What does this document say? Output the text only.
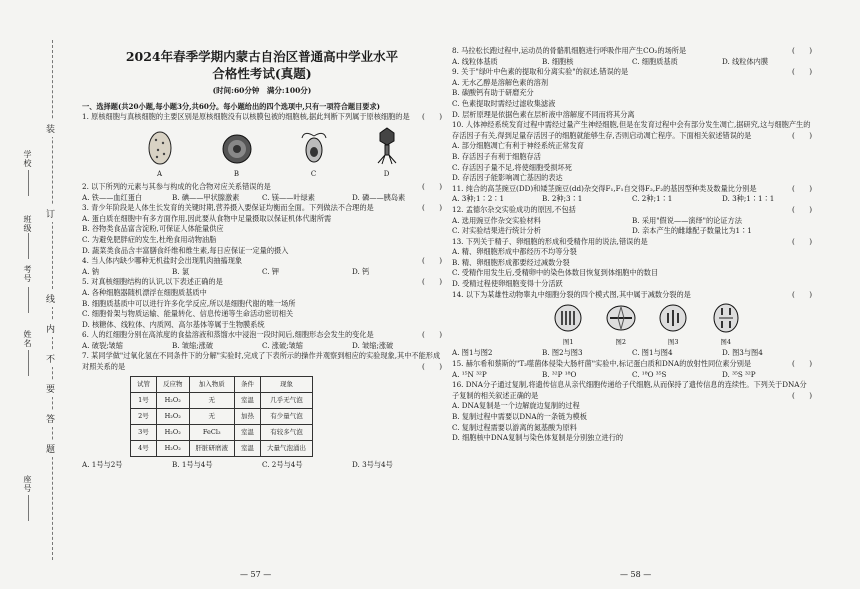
学校
班级
考号
姓名
座号
装
订
线
内
不
要
答
题
2024年春季学期内蒙古自治区普通高中学业水平
合格性考试(真题)
(时间:60分钟　满分:100分)
一、选择题(共20小题,每小题3分,共60分。每小题给出的四个选项中,只有一项符合题目要求)
1. 原核细胞与真核细胞的主要区别是原核细胞没有以核膜包被的细胞核,据此判断下列属于原核细胞的是 (　　)
A	B	C	D
2. 以下所列的元素与其参与构成的化合物对应关系错误的是	(　　)
A. 铁——血红蛋白	B. 碘——甲状腺激素	C. 镁——叶绿素	D. 磷——胰岛素
3. 青少年阶段是人体生长发育的关键时期,营养摄入要保证均衡而全面。下列做法不合理的是	(　　)
A. 蛋白质在细胞中有多方面作用,因此要从食物中足量摄取以保证机体代谢所需
B. 谷物类食品富含淀粉,可保证人体能量供应
C. 为避免肥胖症的发生,杜绝食用动物油脂
D. 蔬菜类食品含丰富膳食纤维和维生素,每日应保证一定量的摄入
4. 当人体内缺少哪种无机盐时会出现肌肉抽搐现象	(　　)
A. 钠	B. 氯	C. 钾	D. 钙
5. 对真核细胞结构的认识,以下表述正确的是	(　　)
A. 各种细胞器随机漂浮在细胞质基质中
B. 细胞质基质中可以进行许多化学反应,所以是细胞代谢的唯一场所
C. 细胞骨架与物质运输、能量转化、信息传递等生命活动密切相关
D. 核糖体、线粒体、内质网、高尔基体等属于生物膜系统
6. 人的红细胞分别在高浓度的食盐溶液和蒸馏水中浸泡一段时间后,细胞形态会发生的变化是	(　　)
A. 破裂;皱缩	B. 皱缩;涨破	C. 涨破;皱缩	D. 皱缩;涨破
7. 某同学做"过氧化氢在不同条件下的分解"实验时,完成了下表所示的操作并观察到相应的实验现象,其中不能形成对照关系的是	(　　)
试管	反应物	加入物质	条件	现象
1号	H₂O₂	无	室温	几乎无气泡
2号	H₂O₂	无	加热	有少量气泡
3号	H₂O₂	FeCl₃	室温	有较多气泡
4号	H₂O₂	肝脏研磨液	室温	大量气泡涌出
A. 1号与2号	B. 1号与4号	C. 2号与4号	D. 3号与4号
— 57 —
8. 马拉松长跑过程中,运动员的骨骼肌细胞进行呼吸作用产生CO₂的场所是	(　　)
A. 线粒体基质	B. 细胞核	C. 细胞质基质	D. 线粒体内膜
9. 关于"绿叶中色素的提取和分离实验"的叙述,错误的是	(　　)
A. 无水乙醇是溶解色素的溶剂
B. 碳酸钙有助于研磨充分
C. 色素提取时需经过滤收集滤液
D. 层析原理是依据色素在层析液中溶解度不同而将其分离
10. 人体神经系统发育过程中需经过量产生神经细胞,但是在发育过程中会有部分发生凋亡,据研究,这与细胞产生的存活因子有关,得到足量存活因子的细胞就能够生存,否则启动凋亡程序。下面相关叙述错误的是	(　　)
A. 部分细胞凋亡有利于神经系统正常发育
B. 存活因子有利于细胞存活
C. 存活因子量不足,将使细胞受损坏死
D. 存活因子能影响凋亡基因的表达
11. 纯合的高茎豌豆(DD)和矮茎豌豆(dd)杂交得F₁,F₁自交得F₂,F₂的基因型种类及数量比分别是	(　　)
A. 3种;1∶2∶1	B. 2种;3∶1	C. 2种;1∶1	D. 3种;1∶1∶1
12. 孟德尔杂交实验成功的原因,不包括	(　　)
A. 选用豌豆作杂交实验材料	B. 采用"假说——演绎"的论证方法
C. 对实验结果进行统计分析	D. 亲本产生的雌雄配子数量比为1∶1
13. 下列关于精子、卵细胞的形成和受精作用的说法,错误的是	(　　)
A. 精、卵细胞形成中都经历不均等分裂
B. 精、卵细胞形成都要经过减数分裂
C. 受精作用发生后,受精卵中的染色体数目恢复到体细胞中的数目
D. 受精过程使卵细胞变得十分活跃
14. 以下为某雄性动物睾丸中细胞分裂的四个模式图,其中属于减数分裂的是	(　　)
图1	图2	图3	图4
A. 图1与图2	B. 图2与图3	C. 图1与图4	D. 图3与图4
15. 赫尔希和蔡斯的"T₂噬菌体侵染大肠杆菌"实验中,标记蛋白质和DNA的放射性同位素分别是	(　　)
A. ¹⁵N ³²P	B. ³²P ¹⁸O	C. ¹⁸O ³⁵S	D. ³⁵S ³²P
16. DNA分子通过复制,将遗传信息从亲代细胞传递给子代细胞,从而保持了遗传信息的连续性。下列关于DNA分子复制的相关叙述正确的是	(　　)
A. DNA复制是一个边解旋边复制的过程
B. 复制过程中需要以DNA的一条链为模板
C. 复制过程需要以游离的氮基酸为原料
D. 细胞核中DNA复制与染色体复制是分别独立进行的
— 58 —
